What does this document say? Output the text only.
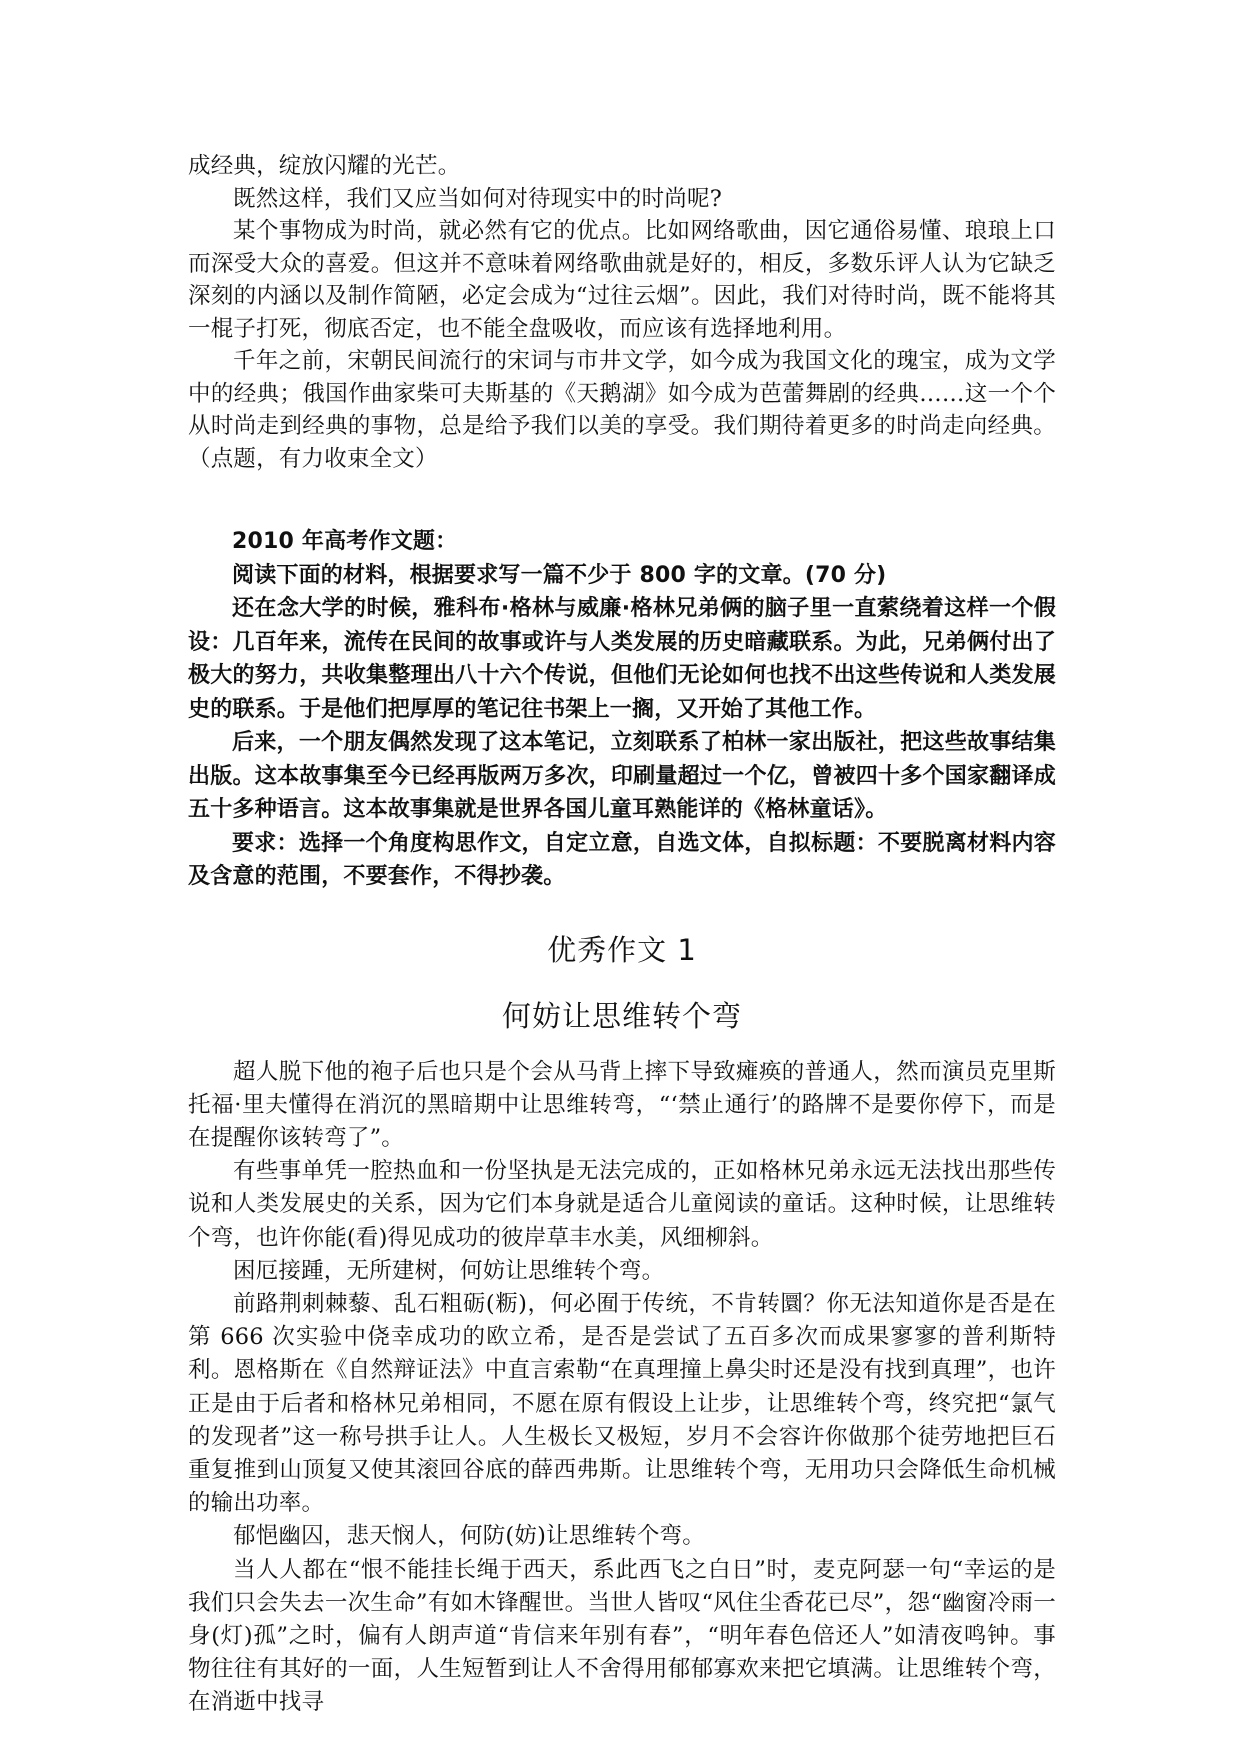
成经典，绽放闪耀的光芒。

既然这样，我们又应当如何对待现实中的时尚呢?

某个事物成为时尚，就必然有它的优点。比如网络歌曲，因它通俗易懂、琅琅上口而深受大众的喜爱。但这并不意味着网络歌曲就是好的，相反，多数乐评人认为它缺乏深刻的内涵以及制作简陋，必定会成为“过往云烟”。因此，我们对待时尚，既不能将其一棍子打死，彻底否定，也不能全盘吸收，而应该有选择地利用。

千年之前，宋朝民间流行的宋词与市井文学，如今成为我国文化的瑰宝，成为文学中的经典；俄国作曲家柴可夫斯基的《天鹅湖》如今成为芭蕾舞剧的经典……这一个个从时尚走到经典的事物，总是给予我们以美的享受。我们期待着更多的时尚走向经典。（点题，有力收束全文）

2010 年高考作文题：

阅读下面的材料，根据要求写一篇不少于 800 字的文章。(70 分)

还在念大学的时候，雅科布·格林与威廉·格林兄弟俩的脑子里一直萦绕着这样一个假设：几百年来，流传在民间的故事或许与人类发展的历史暗藏联系。为此，兄弟俩付出了极大的努力，共收集整理出八十六个传说，但他们无论如何也找不出这些传说和人类发展史的联系。于是他们把厚厚的笔记往书架上一搁，又开始了其他工作。

后来，一个朋友偶然发现了这本笔记，立刻联系了柏林一家出版社，把这些故事结集出版。这本故事集至今已经再版两万多次，印刷量超过一个亿，曾被四十多个国家翻译成五十多种语言。这本故事集就是世界各国儿童耳熟能详的《格林童话》。

要求：选择一个角度构思作文，自定立意，自选文体，自拟标题：不要脱离材料内容及含意的范围，不要套作，不得抄袭。

优秀作文 1
何妨让思维转个弯

超人脱下他的袍子后也只是个会从马背上摔下导致瘫痪的普通人，然而演员克里斯托福·里夫懂得在消沉的黑暗期中让思维转弯，“‘禁止通行’的路牌不是要你停下，而是在提醒你该转弯了”。

有些事单凭一腔热血和一份坚执是无法完成的，正如格林兄弟永远无法找出那些传说和人类发展史的关系，因为它们本身就是适合儿童阅读的童话。这种时候，让思维转个弯，也许你能(看)得见成功的彼岸草丰水美，风细柳斜。

困厄接踵，无所建树，何妨让思维转个弯。

前路荆刺棘藜、乱石粗砺(粝)，何必囿于传统，不肯转圜？你无法知道你是否是在第 666 次实验中侥幸成功的欧立希，是否是尝试了五百多次而成果寥寥的普利斯特利。恩格斯在《自然辩证法》中直言索勒“在真理撞上鼻尖时还是没有找到真理”，也许正是由于后者和格林兄弟相同，不愿在原有假设上让步，让思维转个弯，终究把“氯气的发现者”这一称号拱手让人。人生极长又极短，岁月不会容许你做那个徒劳地把巨石重复推到山顶复又使其滚回谷底的薛西弗斯。让思维转个弯，无用功只会降低生命机械的输出功率。

郁悒幽囚，悲天悯人，何防(妨)让思维转个弯。

当人人都在“恨不能挂长绳于西天，系此西飞之白日”时，麦克阿瑟一句“幸运的是我们只会失去一次生命”有如木锋醒世。当世人皆叹“风住尘香花已尽”，怨“幽窗冷雨一身(灯)孤”之时，偏有人朗声道“肯信来年别有春”，“明年春色倍还人”如清夜鸣钟。事物往往有其好的一面，人生短暂到让人不舍得用郁郁寡欢来把它填满。让思维转个弯，在消逝中找寻
